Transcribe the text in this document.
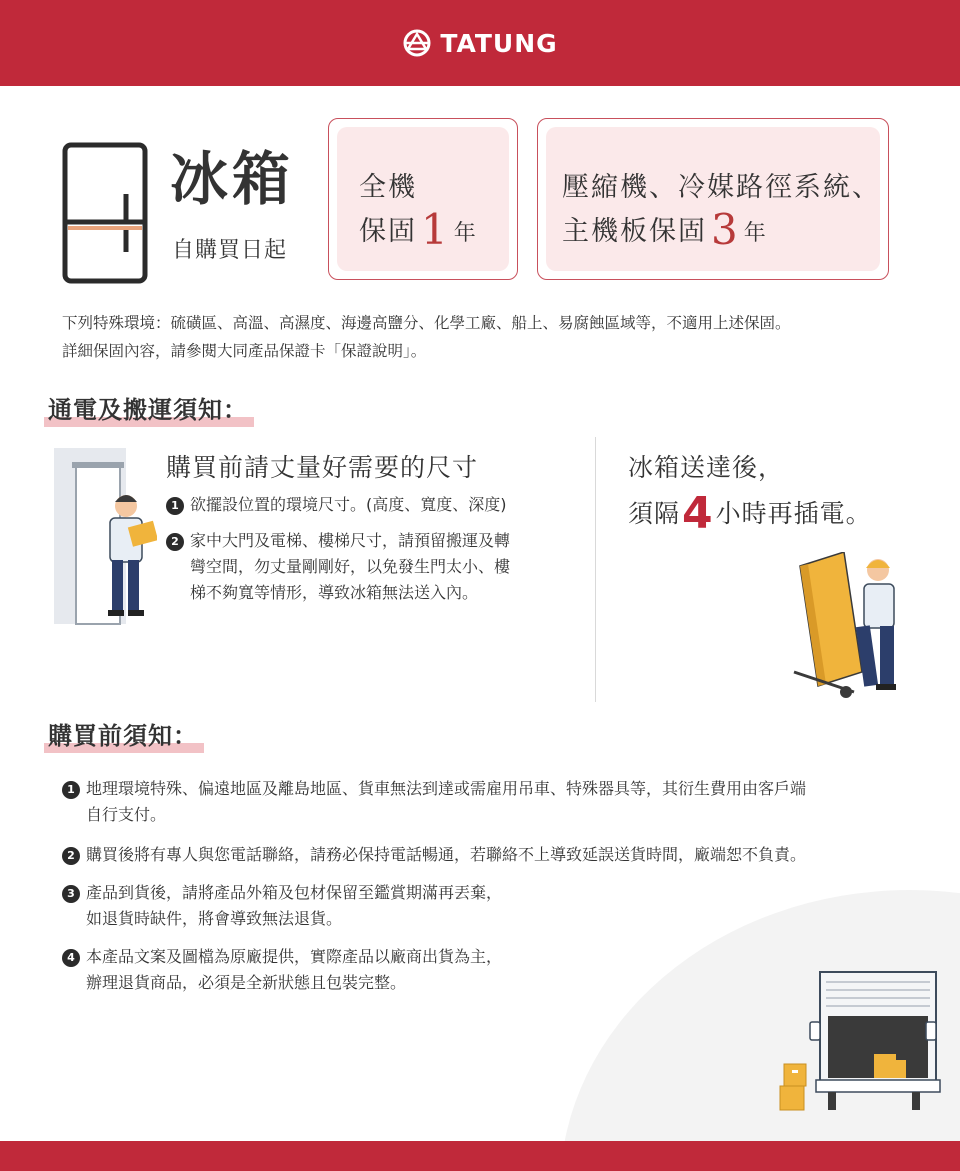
TATUNG
冰箱
自購買日起
全機
保固1 年
壓縮機、冷媒路徑系統、
主機板保固3 年
下列特殊環境：硫磺區、高溫、高濕度、海邊高鹽分、化學工廠、船上、易腐蝕區域等，不適用上述保固。
詳細保固內容，請參閱大同產品保證卡「保證說明」。
通電及搬運須知：
購買前請丈量好需要的尺寸
1 欲擺設位置的環境尺寸。(高度、寬度、深度)
2 家中大門及電梯、樓梯尺寸，請預留搬運及轉
彎空間，勿丈量剛剛好，以免發生門太小、樓
梯不夠寬等情形，導致冰箱無法送入內。
冰箱送達後，
須隔4小時再插電。
購買前須知：
1 地理環境特殊、偏遠地區及離島地區、貨車無法到達或需雇用吊車、特殊器具等，其衍生費用由客戶端
自行支付。
2 購買後將有專人與您電話聯絡，請務必保持電話暢通，若聯絡不上導致延誤送貨時間，廠端恕不負責。
3 產品到貨後，請將產品外箱及包材保留至鑑賞期滿再丟棄，
如退貨時缺件，將會導致無法退貨。
4 本產品文案及圖檔為原廠提供，實際產品以廠商出貨為主，
辦理退貨商品，必須是全新狀態且包裝完整。
